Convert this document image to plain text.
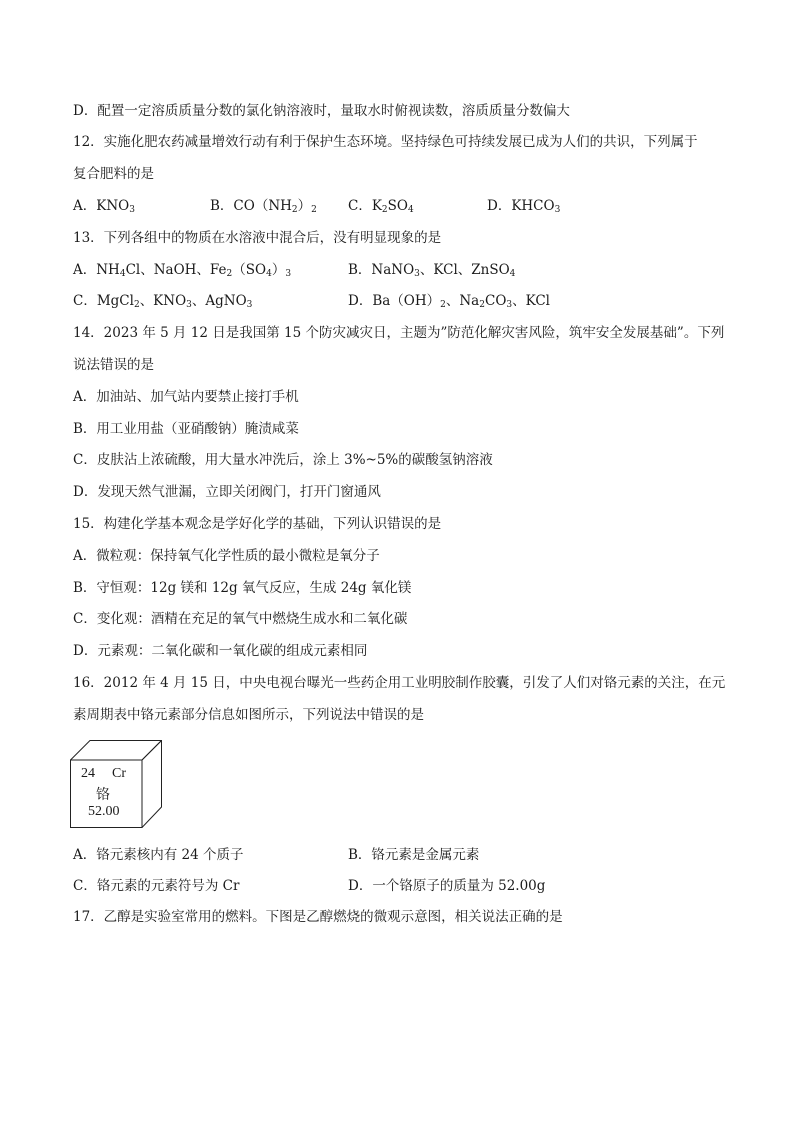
D．配置一定溶质质量分数的氯化钠溶液时，量取水时俯视读数，溶质质量分数偏大
12．实施化肥农药减量增效行动有利于保护生态环境。坚持绿色可持续发展已成为人们的共识，下列属于
复合肥料的是
A．$KNO_3$	B．$CO(NH_2)_2$ C．$K_2SO_4$	D．$KHCO_3$
13．下列各组中的物质在水溶液中混合后，没有明显现象的是
A．$NH_4Cl$、NaOH、$Fe_2(SO_4)_3$	B．NaNO$_3$、KCl、ZnSO$_4$
C．MgCl$_2$、$KNO_3$、AgNO$_3$	D．$Ba(OH)_2$、$Na_2CO_3$、KCl
14．2023 年 5 月 12 日是我国第 15 个防灾减灾日，主题为”防范化解灾害风险，筑牢安全发展基础”。下列
说法错误的是
A．加油站、加气站内要禁止接打手机
B．用工业用盐（亚硝酸钠）腌渍咸菜
C．皮肤沾上浓硫酸，用大量水冲洗后，涂上 3%~5%的碳酸氢钠溶液
D．发现天然气泄漏，立即关闭阀门，打开门窗通风
15．构建化学基本观念是学好化学的基础，下列认识错误的是
A．微粒观：保持氧气化学性质的最小微粒是氧分子
B．守恒观：12g 镁和 12g 氧气反应，生成 24g 氧化镁
C．变化观：酒精在充足的氧气中燃烧生成水和二氧化碳
D．元素观：二氧化碳和一氧化碳的组成元素相同
16．2012 年 4 月 15 日，中央电视台曝光一些药企用工业明胶制作胶囊，引发了人们对铬元素的关注，在元
素周期表中铬元素部分信息如图所示，下列说法中错误的是
24 Cr
铬
52.00
A．铬元素核内有 24 个质子	B．铬元素是金属元素
C．铬元素的元素符号为 Cr	D．一个铬原子的质量为 52.00g
17．乙醇是实验室常用的燃料。下图是乙醇燃烧的微观示意图，相关说法正确的是
